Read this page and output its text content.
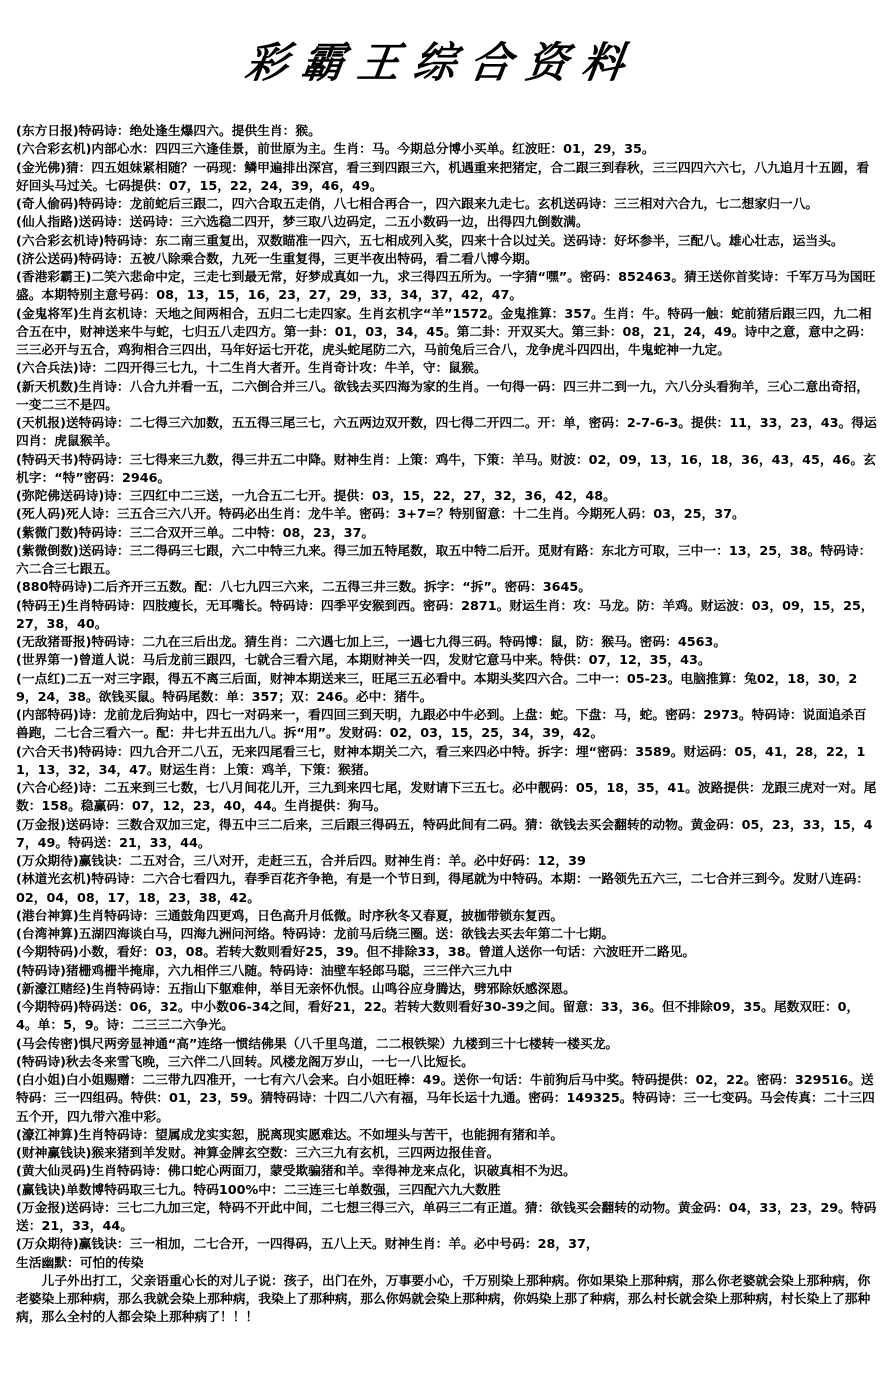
彩霸王综合资料

(东方日报)特码诗：绝处逢生爆四六。提供生肖：猴。

(六合彩玄机)内部心水：四四三六逢佳景，前世原为主。生肖：马。今期总分博小买单。红波旺：01，29，35。

(金光佛)猜：四五姐妹紧相随？一码现：鳞甲遍排出深宫，看三到四跟三六，机遇重来把猪定，合二跟三到春秋，三三四四六六七，八九追月十五圆，看好回头马过关。七码提供：07，15，22，24，39，46，49。

(奇人偷码)特码诗：龙前蛇后三跟二，四六合取五走俏，八七相合再合一，四六跟来九走七。玄机送码诗：三三相对六合九，七二想家归一八。

(仙人指路)送码诗：送码诗：三六选稳二四开，梦三取八边码定，二五小数码一边，出得四九倒数满。

(六合彩玄机诗)特码诗：东二南三重复出，双数瞄准一四六，五七相成列入奖，四来十合以过关。送码诗：好坏参半，三配八。雄心壮志，运当头。

(济公送码)特码诗：五被八除乘合数，九死一生重复得，三更半夜出特码，看二看八博今期。

(香港彩霸王)二笑六悲命中定，三走七到最无常，好梦成真如一九，求三得四五所为。一字猜“嘿”。密码：852463。猜王送你首奖诗：千军万马为国旺盛。本期特别主意号码：08，13，15，16，23，27，29，33，34，37，42，47。

(金鬼将军)生肖玄机诗：天地之间两相合，五归二七走四家。生肖玄机字“羊”1572。金鬼推算：357。生肖：牛。特码一触：蛇前猪后跟三四，九二相合五在中，财神送来牛与蛇，七归五八走四方。第一卦：01，03，34，45。第二卦：开双买大。第三卦：08，21，24，49。诗中之意，意中之码：三三必开与五合，鸡狗相合三四出，马年好运七开花，虎头蛇尾防二六，马前兔后三合八，龙争虎斗四四出，牛鬼蛇神一九定。

(六合兵法)诗：二四开得三七九，十二生肖大者开。生肖奇计攻：牛羊，守：鼠猴。

(新天机数)生肖诗：八合九并看一五，二六倒合并三八。欲钱去买四海为家的生肖。一句得一码：四三井二到一九，六八分头看狗羊，三心二意出奇招，一变二三不是四。

(天机报)送特码诗：二七得三六加数，五五得三尾三七，六五两边双开数，四七得二开四二。开：单，密码：2-7-6-3。提供：11，33，23，43。得运四肖：虎鼠猴羊。

(特码天书)特码诗：三七得来三九数，得三井五二中降。财神生肖：上策：鸡牛，下策：羊马。财波：02，09，13，16，18，36，43，45，46。玄机字：“特”密码：2946。

(弥陀佛送码诗)诗：三四红中二三送，一九合五二七开。提供：03，15，22，27，32，36，42，48。

(死人码)死人诗：三五合三六八开。特码必出生肖：龙牛羊。密码：3+7=？特别留意：十二生肖。今期死人码：03，25，37。

(紫微门数)特码诗：三二合双开三单。二中特：08，23，37。

(紫微倒数)送码诗：三二得码三七跟，六二中特三九来。得三加五特尾数，取五中特二后开。觅财有路：东北方可取，三中一：13，25，38。特码诗：六二合三七跟五。

(880特码诗)二后齐开三五数。配：八七九四三六来，二五得三井三数。拆字：“拆”。密码：3645。

(特码王)生肖特码诗：四肢瘦长，无耳嘴长。特码诗：四季平安猴到西。密码：2871。财运生肖：攻：马龙。防：羊鸡。财运波：03，09，15，25，27，38，40。

(无敌猪哥报)特码诗：二九在三后出龙。猜生肖：二六遇七加上三，一遇七九得三码。特码博：鼠，防：猴马。密码：4563。

(世界第一)曾道人说：马后龙前三跟四，七就合三看六尾，本期财神关一四，发财它意马中来。特供：07，12，35，43。

(一点红)二五一对三字跟，得五不离三后面，财神本期送来三，旺尾三五必看中。本期头奖四六合。二中一：05-23。电脑推算：兔02，18，30，29，24，38。欲钱买鼠。特码尾数：单：357；双：246。必中：猪牛。

(内部特码)诗：龙前龙后狗站中，四七一对码来一，看四回三到天明，九跟必中牛必到。上盘：蛇。下盘：马，蛇。密码：2973。特码诗：说面追杀百兽跑，二七合三看六一。配：井七井五出九八。拆“用”。发财码：02，03，15，25，34，39，42。

(六合天书)特码诗：四九合开二八五，无来四尾看三七，财神本期关二六，看三来四必中特。拆字：埋“密码：3589。财运码：05，41，28，22，11，13，32，34，47。财运生肖：上策：鸡羊，下策：猴猪。

(六合心经)诗：二五来到三七数，七八月间花儿开，三九到来四七尾，发财请下三五七。必中靓码：05，18，35，41。波路提供：龙跟三虎对一对。尾数：158。稳赢码：07，12，23，40，44。生肖提供：狗马。

(万金报)送码诗：三数合双加三定，得五中三二后来，三后跟三得码五，特码此间有二码。猜：欲钱去买会翻转的动物。黄金码：05，23，33，15，47，49。特码送：21，33，44。

(万众期待)赢钱诀：二五对合，三八对开，走赶三五，合并后四。财神生肖：羊。必中好码：12，39

(林道光玄机)特码诗：二六合七看四九，春季百花齐争艳，有是一个节日到，得尾就为中特码。本期：一路领先五六三，二七合并三到今。发财八连码：02，04，08，17，18，23，38，42。

(港台神算)生肖特码诗：三通鼓角四更鸡，日色高升月低微。时序秋冬又春夏，披枷带锁东复西。

(台湾神算)五湖四海谈白马，四海九洲问河络。特码诗：龙前马后绕三圈。送：欲钱去买去年第二十七期。

(今期特码)小数，看好：03，08。若转大数则看好25，39。但不排除33，38。曾道人送你一句话：六波旺开二路见。

(特码诗)猪栅鸡栅半掩扉，六九相伴三八随。特码诗：油壁车轻郎马聪，三三伴六三九中

(新濠江赌经)生肖特码诗：五指山下躯难伸，举目无亲怀仇恨。山鸣谷应身腾达，劈邪除妖感深恩。

(今期特码)特码送：06，32。中小数06-34之间，看好21，22。若转大数则看好30-39之间。留意：33，36。但不排除09，35。尾数双旺：0，4。单：5，9。诗：二三三二六争光。

(马会传密)惧尺两旁显神通“高”连络一惯结佛果（八千里鸟道，二二根铁梁）九楼到三十七楼转一楼买龙。

(特码诗)秋去冬来雪飞晚，三六伴二八回转。风楼龙阁万岁山，一七一八比短长。

(白小姐)白小姐赐赠：二三带九四准开，一七有六八会来。白小姐旺棒：49。送你一句话：牛前狗后马中奖。特码提供：02，22。密码：329516。送特码：三一四组码。特供：01，23，59。猜特码诗：十四二八六有福，马年长运十九通。密码：149325。特码诗：三一七变码。马会传真：二十三四五个开，四九带六准中彩。

(濠江神算)生肖特码诗：望属成龙实实恕，脱离现实愿难达。不如埋头与苦干，也能拥有猪和羊。

(财神赢钱诀)猴来猪到羊发财。神算金牌玄空数：三六三九有玄机，三四两边报佳音。

(黄大仙灵码)生肖特码诗：佛口蛇心两面刀，蒙受欺骗猪和羊。幸得神龙来点化，识破真相不为迟。

(赢钱诀)单数博特码取三七九。特码100%中：二三连三七单数强，三四配六九大数胜

(万金报)送码诗：三七二九加三定，特码不开此中间，二七想三得三六，单码三二有正道。猜：欲钱买会翻转的动物。黄金码：04，33，23，29。特码送：21，33，44。

(万众期待)赢钱诀：三一相加，二七合开，一四得码，五八上天。财神生肖：羊。必中号码：28，37，

生活幽默：可怕的传染

儿子外出打工，父亲语重心长的对儿子说：孩子，出门在外，万事要小心，千万别染上那种病。你如果染上那种病，那么你老婆就会染上那种病，你老婆染上那种病，那么我就会染上那种病，我染上了那种病，那么你妈就会染上那种病，你妈染上那了种病，那么村长就会染上那种病，村长染上了那种病，那么全村的人都会染上那种病了！！！
